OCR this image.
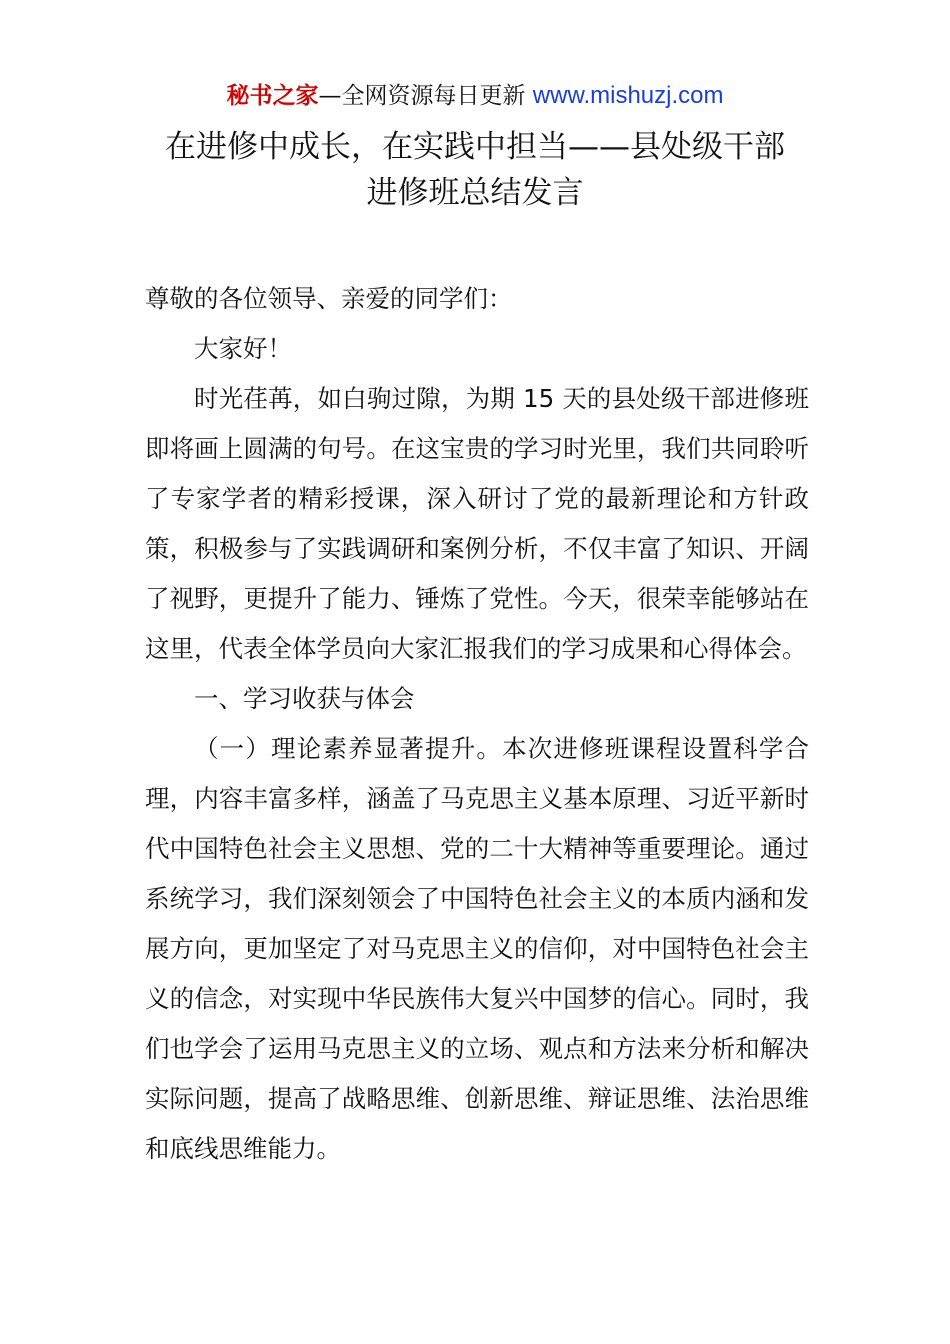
秘书之家—全网资源每日更新 www.mishuzj.com
在进修中成长，在实践中担当——县处级干部
进修班总结发言

尊敬的各位领导、亲爱的同学们：

大家好！

时光荏苒，如白驹过隙，为期 15 天的县处级干部进修班即将画上圆满的句号。在这宝贵的学习时光里，我们共同聆听了专家学者的精彩授课，深入研讨了党的最新理论和方针政策，积极参与了实践调研和案例分析，不仅丰富了知识、开阔了视野，更提升了能力、锤炼了党性。今天，很荣幸能够站在这里，代表全体学员向大家汇报我们的学习成果和心得体会。

一、学习收获与体会

（一）理论素养显著提升。本次进修班课程设置科学合理，内容丰富多样，涵盖了马克思主义基本原理、习近平新时代中国特色社会主义思想、党的二十大精神等重要理论。通过系统学习，我们深刻领会了中国特色社会主义的本质内涵和发展方向，更加坚定了对马克思主义的信仰，对中国特色社会主义的信念，对实现中华民族伟大复兴中国梦的信心。同时，我们也学会了运用马克思主义的立场、观点和方法来分析和解决实际问题，提高了战略思维、创新思维、辩证思维、法治思维和底线思维能力。
